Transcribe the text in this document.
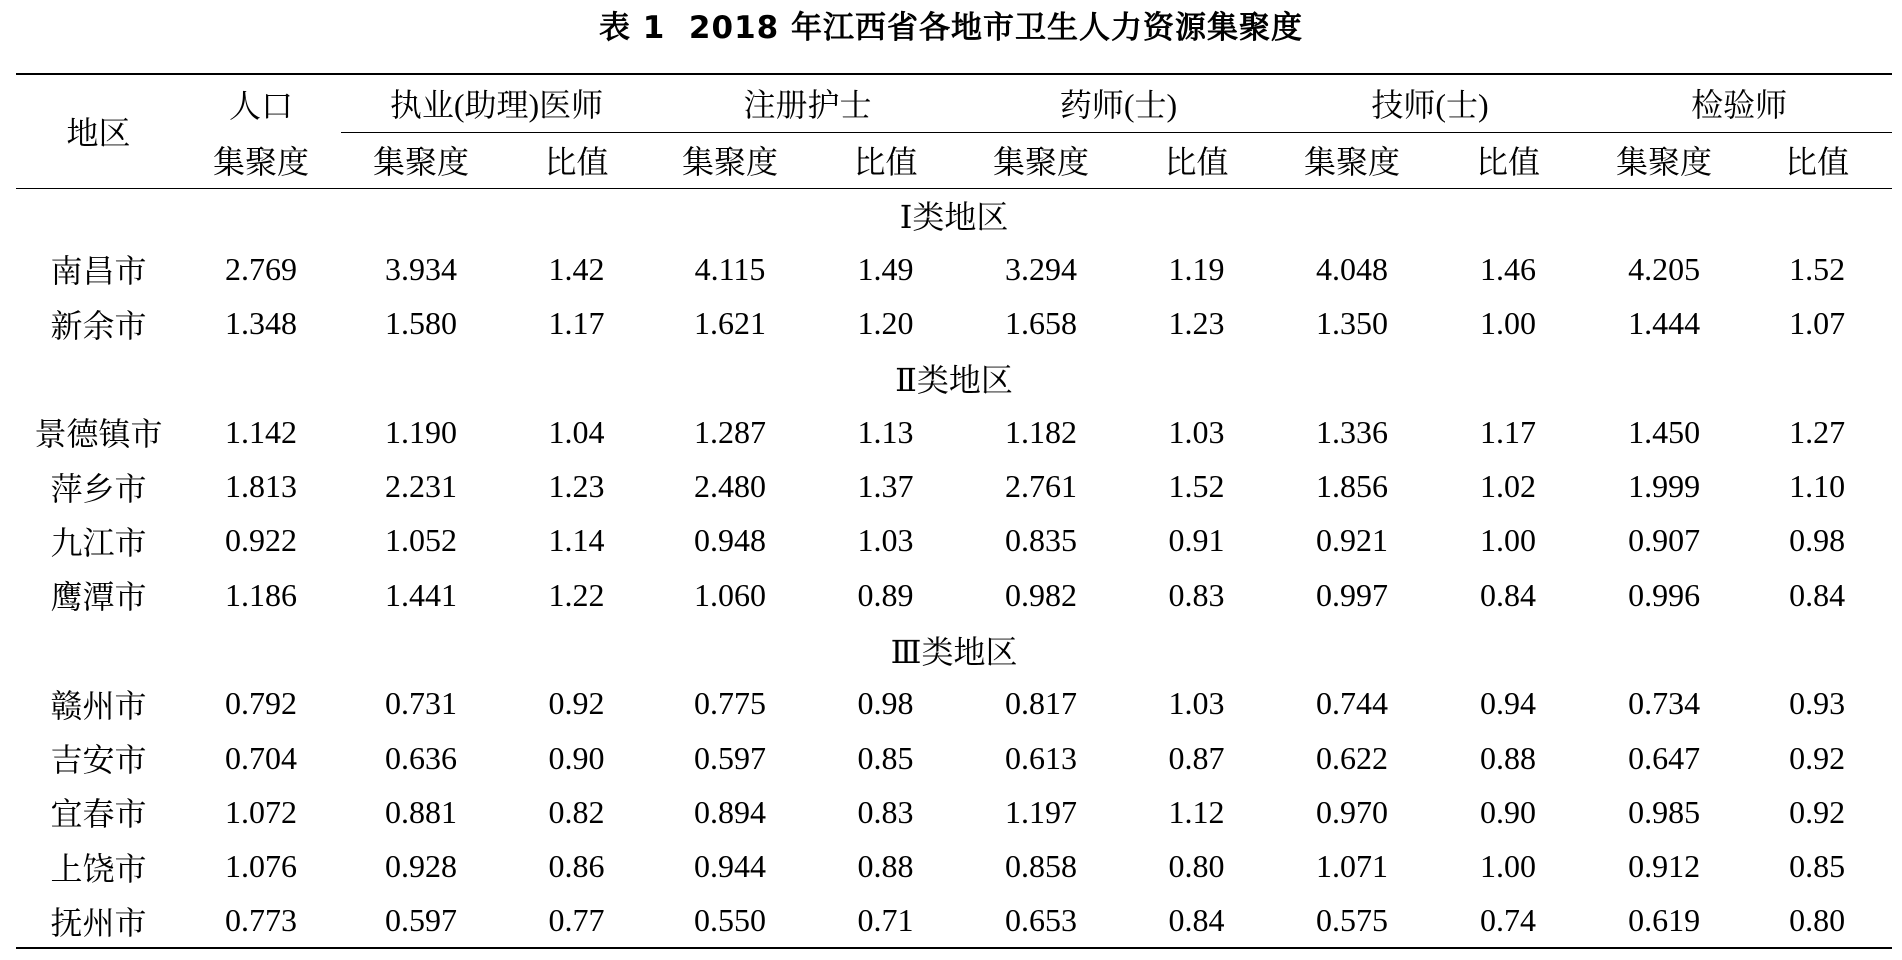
表 1  2018 年江西省各地市卫生人力资源集聚度
地区	人口	执业(助理)医师		注册护士		药师(士)		技师(士)		检验师	
	集聚度	集聚度	比值	集聚度	比值	集聚度	比值	集聚度	比值	集聚度	比值
Ⅰ类地区											
南昌市	2.769	3.934	1.42	4.115	1.49	3.294	1.19	4.048	1.46	4.205	1.52
新余市	1.348	1.580	1.17	1.621	1.20	1.658	1.23	1.350	1.00	1.444	1.07
Ⅱ类地区											
景德镇市	1.142	1.190	1.04	1.287	1.13	1.182	1.03	1.336	1.17	1.450	1.27
萍乡市	1.813	2.231	1.23	2.480	1.37	2.761	1.52	1.856	1.02	1.999	1.10
九江市	0.922	1.052	1.14	0.948	1.03	0.835	0.91	0.921	1.00	0.907	0.98
鹰潭市	1.186	1.441	1.22	1.060	0.89	0.982	0.83	0.997	0.84	0.996	0.84
Ⅲ类地区											
赣州市	0.792	0.731	0.92	0.775	0.98	0.817	1.03	0.744	0.94	0.734	0.93
吉安市	0.704	0.636	0.90	0.597	0.85	0.613	0.87	0.622	0.88	0.647	0.92
宜春市	1.072	0.881	0.82	0.894	0.83	1.197	1.12	0.970	0.90	0.985	0.92
上饶市	1.076	0.928	0.86	0.944	0.88	0.858	0.80	1.071	1.00	0.912	0.85
抚州市	0.773	0.597	0.77	0.550	0.71	0.653	0.84	0.575	0.74	0.619	0.80
